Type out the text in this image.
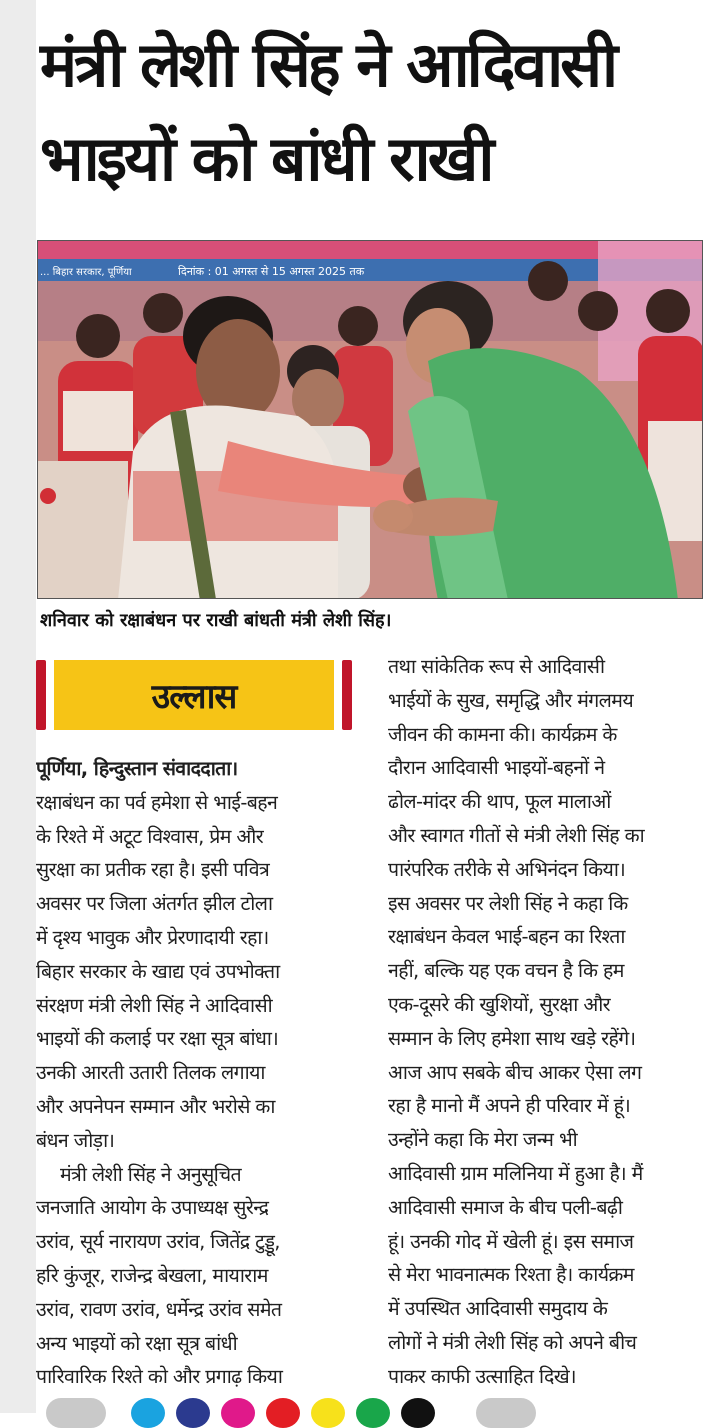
मंत्री लेशी सिंह ने आदिवासी
भाइयों को बांधी राखी
दिनांक : 01 अगस्त से 15 अगस्त 2025 तक
... बिहार सरकार, पूर्णिया
शनिवार को रक्षाबंधन पर राखी बांधती मंत्री लेशी सिंह।
उल्लास
पूर्णिया, हिन्दुस्तान संवाददाता।
रक्षाबंधन का पर्व हमेशा से भाई-बहन
के रिश्ते में अटूट विश्वास, प्रेम और
सुरक्षा का प्रतीक रहा है। इसी पवित्र
अवसर पर जिला अंतर्गत झील टोला
में दृश्य भावुक और प्रेरणादायी रहा।
बिहार सरकार के खाद्य एवं उपभोक्ता
संरक्षण मंत्री लेशी सिंह ने आदिवासी
भाइयों की कलाई पर रक्षा सूत्र बांधा।
उनकी आरती उतारी तिलक लगाया
और अपनेपन सम्मान और भरोसे का
बंधन जोड़ा।
मंत्री लेशी सिंह ने अनुसूचित
जनजाति आयोग के उपाध्यक्ष सुरेन्द्र
उरांव, सूर्य नारायण उरांव, जितेंद्र टुड्डू,
हरि कुंजूर, राजेन्द्र बेखला, मायाराम
उरांव, रावण उरांव, धर्मेन्द्र उरांव समेत
अन्य भाइयों को रक्षा सूत्र बांधी
पारिवारिक रिश्ते को और प्रगाढ़ किया
तथा सांकेतिक रूप से आदिवासी
भाईयों के सुख, समृद्धि और मंगलमय
जीवन की कामना की। कार्यक्रम के
दौरान आदिवासी भाइयों-बहनों ने
ढोल-मांदर की थाप, फूल मालाओं
और स्वागत गीतों से मंत्री लेशी सिंह का
पारंपरिक तरीके से अभिनंदन किया।
इस अवसर पर लेशी सिंह ने कहा कि
रक्षाबंधन केवल भाई-बहन का रिश्ता
नहीं, बल्कि यह एक वचन है कि हम
एक-दूसरे की खुशियों, सुरक्षा और
सम्मान के लिए हमेशा साथ खड़े रहेंगे।
आज आप सबके बीच आकर ऐसा लग
रहा है मानो मैं अपने ही परिवार में हूं।
उन्होंने कहा कि मेरा जन्म भी
आदिवासी ग्राम मलिनिया में हुआ है। मैं
आदिवासी समाज के बीच पली-बढ़ी
हूं। उनकी गोद में खेली हूं। इस समाज
से मेरा भावनात्मक रिश्ता है। कार्यक्रम
में उपस्थित आदिवासी समुदाय के
लोगों ने मंत्री लेशी सिंह को अपने बीच
पाकर काफी उत्साहित दिखे।
